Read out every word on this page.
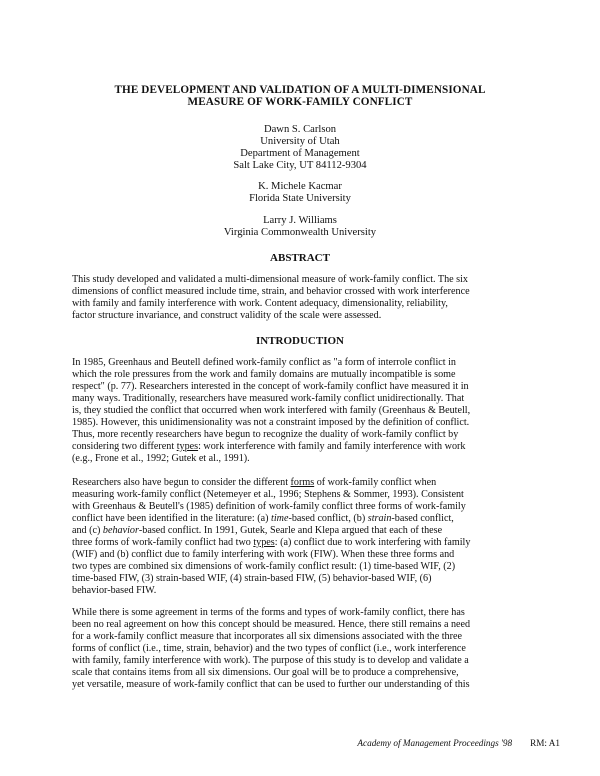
THE DEVELOPMENT AND VALIDATION OF A MULTI-DIMENSIONAL
MEASURE OF WORK-FAMILY CONFLICT
Dawn S. Carlson
University of Utah
Department of Management
Salt Lake City, UT 84112-9304
K. Michele Kacmar
Florida State University
Larry J. Williams
Virginia Commonwealth University
ABSTRACT
This study developed and validated a multi-dimensional measure of work-family conflict. The six
dimensions of conflict measured include time, strain, and behavior crossed with work interference
with family and family interference with work. Content adequacy, dimensionality, reliability,
factor structure invariance, and construct validity of the scale were assessed.
INTRODUCTION
In 1985, Greenhaus and Beutell defined work-family conflict as "a form of interrole conflict in
which the role pressures from the work and family domains are mutually incompatible is some
respect" (p. 77). Researchers interested in the concept of work-family conflict have measured it in
many ways. Traditionally, researchers have measured work-family conflict unidirectionally. That
is, they studied the conflict that occurred when work interfered with family (Greenhaus & Beutell,
1985). However, this unidimensionality was not a constraint imposed by the definition of conflict.
Thus, more recently researchers have begun to recognize the duality of work-family conflict by
considering two different types: work interference with family and family interference with work
(e.g., Frone et al., 1992; Gutek et al., 1991).
Researchers also have begun to consider the different forms of work-family conflict when
measuring work-family conflict (Netemeyer et al., 1996; Stephens & Sommer, 1993). Consistent
with Greenhaus & Beutell's (1985) definition of work-family conflict three forms of work-family
conflict have been identified in the literature: (a) time-based conflict, (b) strain-based conflict,
and (c) behavior-based conflict. In 1991, Gutek, Searle and Klepa argued that each of these
three forms of work-family conflict had two types: (a) conflict due to work interfering with family
(WIF) and (b) conflict due to family interfering with work (FIW). When these three forms and
two types are combined six dimensions of work-family conflict result: (1) time-based WIF, (2)
time-based FIW, (3) strain-based WIF, (4) strain-based FIW, (5) behavior-based WIF, (6)
behavior-based FIW.
While there is some agreement in terms of the forms and types of work-family conflict, there has
been no real agreement on how this concept should be measured. Hence, there still remains a need
for a work-family conflict measure that incorporates all six dimensions associated with the three
forms of conflict (i.e., time, strain, behavior) and the two types of conflict (i.e., work interference
with family, family interference with work). The purpose of this study is to develop and validate a
scale that contains items from all six dimensions. Our goal will be to produce a comprehensive,
yet versatile, measure of work-family conflict that can be used to further our understanding of this
Academy of Management Proceedings '98 RM: A1
